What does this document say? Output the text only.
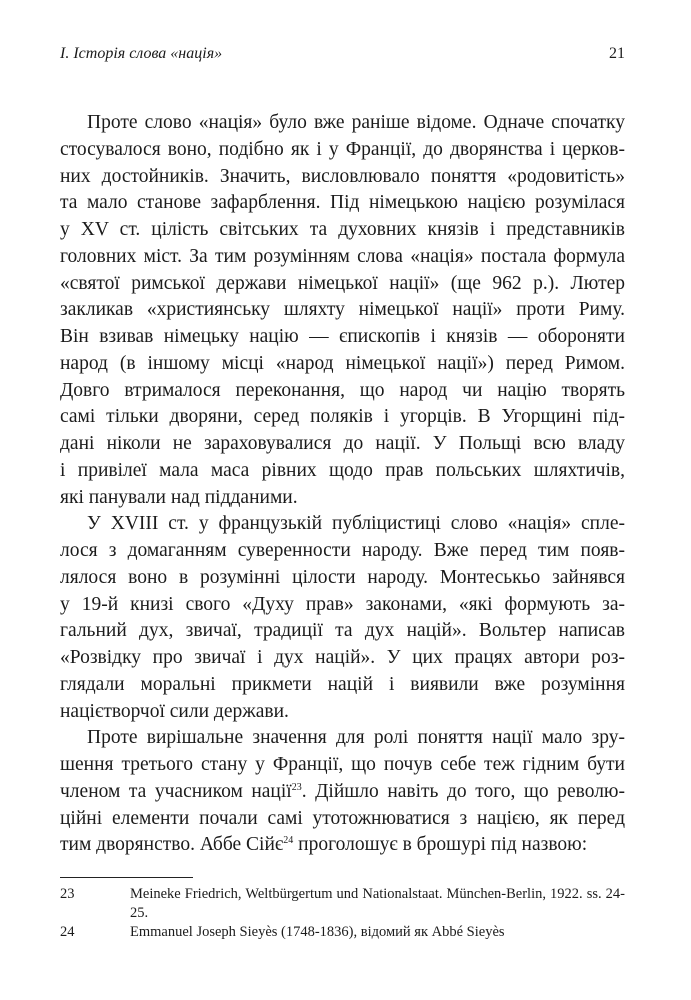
I. Історія слова «нація»	21
Проте слово «нація» було вже раніше відоме. Одначе спочатку
стосувалося воно, подібно як і у Франції, до дворянства і церков-
них достойників. Значить, висловлювало поняття «родовитість»
та мало станове зафарблення. Під німецькою нацією розумілася
у XV ст. цілість світських та духовних князів і представників
головних міст. За тим розумінням слова «нація» постала формула
«святої римської держави німецької нації» (ще 962 р.). Лютер
закликав «християнську шляхту німецької нації» проти Риму.
Він взивав німецьку націю — єпископів і князів — обороняти
народ (в іншому місці «народ німецької нації») перед Римом.
Довго втрималося переконання, що народ чи націю творять
самі тільки дворяни, серед поляків і угорців. В Угорщині під-
дані ніколи не зараховувалися до нації. У Польщі всю владу
і привілеї мала маса рівних щодо прав польських шляхтичів,
які панували над підданими.
У XVIII ст. у французькій публіцистиці слово «нація» спле-
лося з домаганням суверенности народу. Вже перед тим появ-
лялося воно в розумінні цілости народу. Монтеськьо зайнявся
у 19-й книзі свого «Духу прав» законами, «які формують за-
гальний дух, звичаї, традиції та дух націй». Вольтер написав
«Розвідку про звичаї і дух націй». У цих працях автори роз-
глядали моральні прикмети націй і виявили вже розуміння
націєтворчої сили держави.
Проте вирішальне значення для ролі поняття нації мало зру-
шення третього стану у Франції, що почув себе теж гідним бути
членом та учасником нації$^{23}$. Дійшло навіть до того, що револю-
ційні елементи почали самі утотожнюватися з нацією, як перед
тим дворянство. Аббе Сійє$^{24}$ проголошує в брошурі під назвою:
23	Meineke Friedrich, Weltbürgertum und Nationalstaat. München-Berlin, 1922. ss. 24-25.
24	Emmanuel Joseph Sieyès (1748-1836), відомий як Abbé Sieyès
